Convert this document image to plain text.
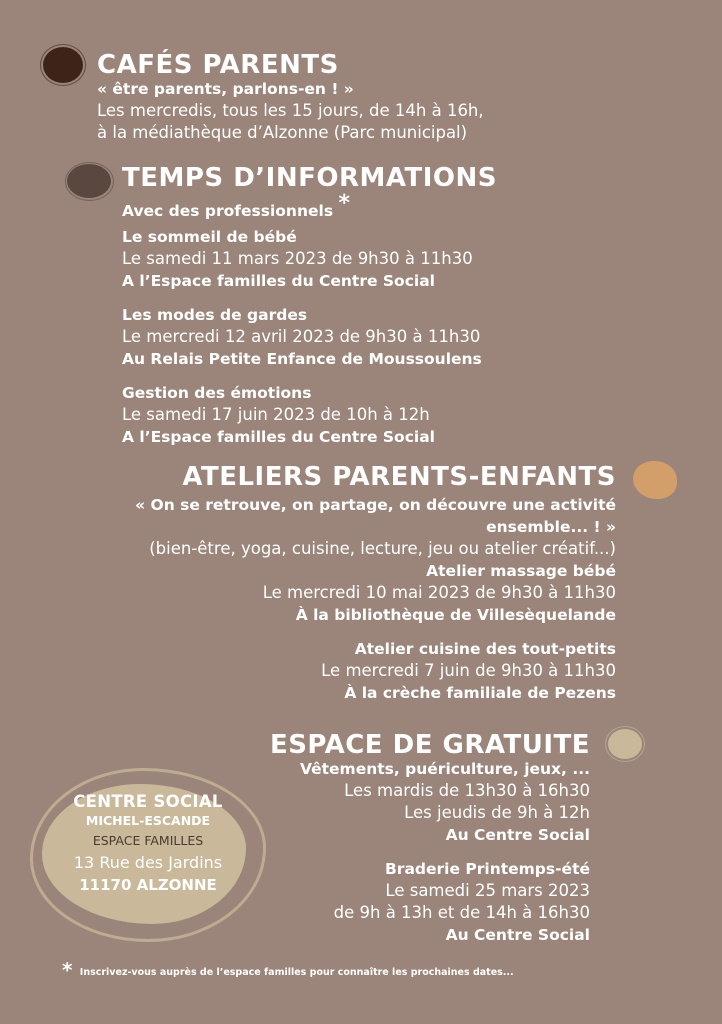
CAFÉS PARENTS
« être parents, parlons-en ! »
Les mercredis, tous les 15 jours, de 14h à 16h,
à la médiathèque d’Alzonne (Parc municipal)
TEMPS D’INFORMATIONS
Avec des professionnels *
Le sommeil de bébé
Le samedi 11 mars 2023 de 9h30 à 11h30
A l’Espace familles du Centre Social
Les modes de gardes
Le mercredi 12 avril 2023 de 9h30 à 11h30
Au Relais Petite Enfance de Moussoulens
Gestion des émotions
Le samedi 17 juin 2023 de 10h à 12h
A l’Espace familles du Centre Social
ATELIERS PARENTS-ENFANTS
« On se retrouve, on partage, on découvre une activité
ensemble... ! »
(bien-être, yoga, cuisine, lecture, jeu ou atelier créatif...)
Atelier massage bébé
Le mercredi 10 mai 2023 de 9h30 à 11h30
À la bibliothèque de Villesèquelande
Atelier cuisine des tout-petits
Le mercredi 7 juin de 9h30 à 11h30
À la crèche familiale de Pezens
ESPACE DE GRATUITE
Vêtements, puériculture, jeux, ...
Les mardis de 13h30 à 16h30
Les jeudis de 9h à 12h
Au Centre Social
Braderie Printemps-été
Le samedi 25 mars 2023
de 9h à 13h et de 14h à 16h30
Au Centre Social
CENTRE SOCIAL
MICHEL-ESCANDE
ESPACE FAMILLES
13 Rue des Jardins
11170 ALZONNE
* Inscrivez-vous auprès de l’espace familles pour connaître les prochaines dates...
